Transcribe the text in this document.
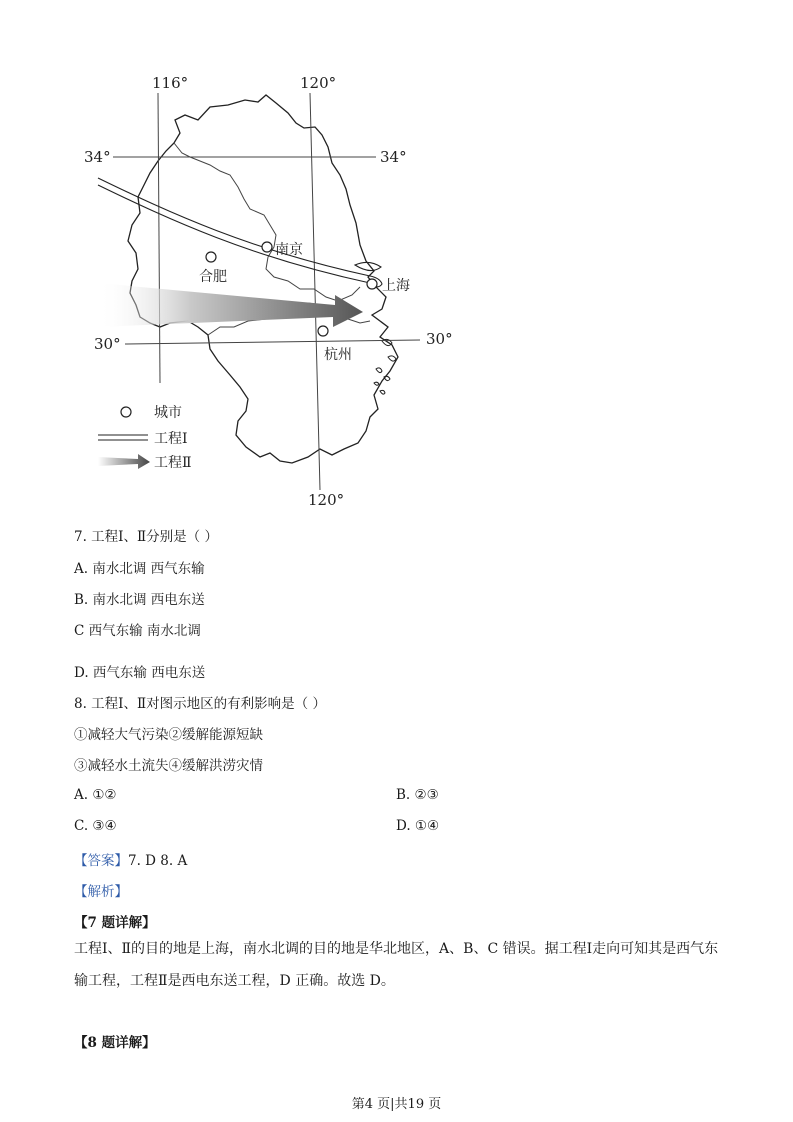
南京
合肥
上海
杭州
116°	120°
120°
34°	34°
30°	30°
城市
工程Ⅰ
工程Ⅱ
7. 工程Ⅰ、Ⅱ分别是（ ）
A. 南水北调 西气东输
B. 南水北调 西电东送
C 西气东输 南水北调
D. 西气东输 西电东送
8. 工程Ⅰ、Ⅱ对图示地区的有利影响是（ ）
①减轻大气污染②缓解能源短缺
③减轻水土流失④缓解洪涝灾情
A. ①②	B. ②③
C. ③④	D. ①④
【答案】7. D 8. A
【解析】
【7 题详解】
工程Ⅰ、Ⅱ的目的地是上海，南水北调的目的地是华北地区，A、B、C 错误。据工程Ⅰ走向可知其是西气东
输工程，工程Ⅱ是西电东送工程，D 正确。故选 D。
【8 题详解】
第4 页|共19 页
